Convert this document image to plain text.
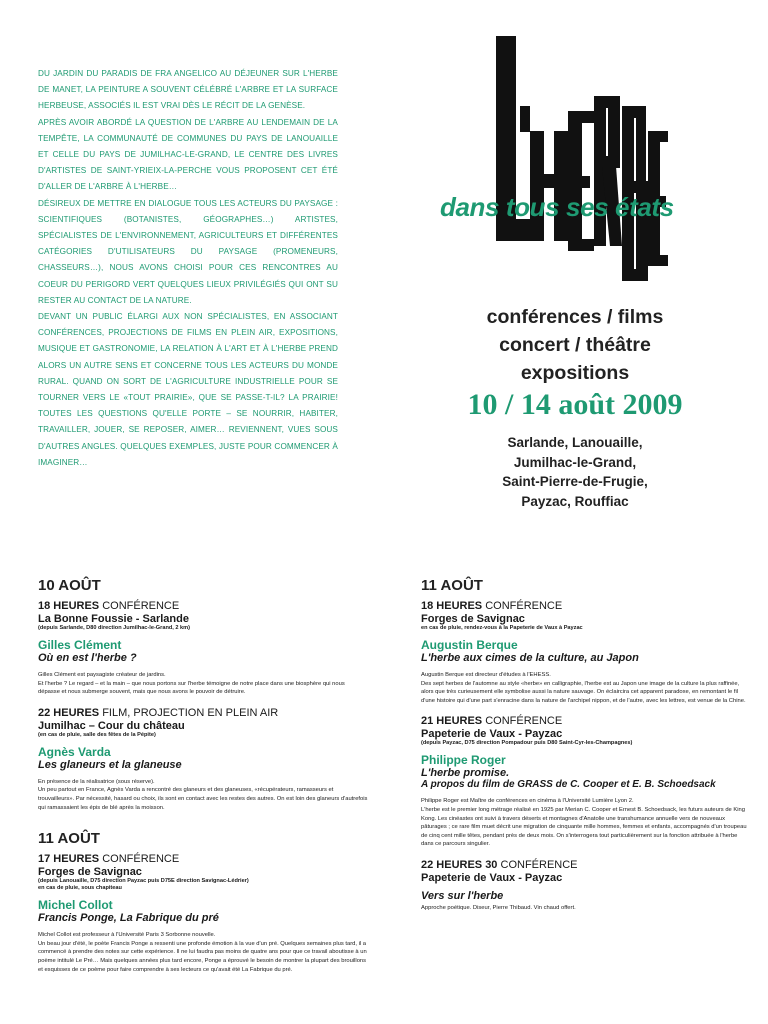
DU JARDIN DU PARADIS DE FRA ANGELICO AU DÉJEUNER SUR L'HERBE DE MANET, LA PEINTURE A SOUVENT CÉLÉBRÉ L'ARBRE ET LA SURFACE HERBEUSE, ASSOCIÉS IL EST VRAI DÈS LE RÉCIT DE LA GENÈSE.

APRÈS AVOIR ABORDÉ LA QUESTION DE L'ARBRE AU LENDEMAIN DE LA TEMPÊTE, LA COMMUNAUTÉ DE COMMUNES DU PAYS DE LANOUAILLE ET CELLE DU PAYS DE JUMILHAC-LE-GRAND, LE CENTRE DES LIVRES D'ARTISTES DE SAINT-YRIEIX-LA-PERCHE VOUS PROPOSENT CET ÉTÉ D'ALLER DE L'ARBRE À L'HERBE…

DÉSIREUX DE METTRE EN DIALOGUE TOUS LES ACTEURS DU PAYSAGE : SCIENTIFIQUES (BOTANISTES, GÉOGRAPHES…) ARTISTES, SPÉCIALISTES DE L'ENVIRONNEMENT, AGRICULTEURS ET DIFFÉRENTES CATÉGORIES D'UTILISATEURS DU PAYSAGE (PROMENEURS, CHASSEURS…), NOUS AVONS CHOISI POUR CES RENCONTRES AU COEUR DU PERIGORD VERT QUELQUES LIEUX PRIVILÉGIÉS QUI ONT SU RESTER AU CONTACT DE LA NATURE.

DEVANT UN PUBLIC ÉLARGI AUX NON SPÉCIALISTES, EN ASSOCIANT CONFÉRENCES, PROJECTIONS DE FILMS EN PLEIN AIR, EXPOSITIONS, MUSIQUE ET GASTRONOMIE, LA RELATION À L'ART ET À L'HERBE PREND ALORS UN AUTRE SENS ET CONCERNE TOUS LES ACTEURS DU MONDE RURAL. QUAND ON SORT DE L'AGRICULTURE INDUSTRIELLE POUR SE TOURNER VERS LE «TOUT PRAIRIE», QUE SE PASSE-T-IL? LA PRAIRIE! TOUTES LES QUESTIONS QU'ELLE PORTE – SE NOURRIR, HABITER, TRAVAILLER, JOUER, SE REPOSER, AIMER… REVIENNENT, VUES SOUS D'AUTRES ANGLES. QUELQUES EXEMPLES, JUSTE POUR COMMENCER À IMAGINER…

dans tous ses états
conférences / films
concert / théâtre
expositions
10 / 14 août 2009
Sarlande, Lanouaille,
Jumilhac-le-Grand,
Saint-Pierre-de-Frugie,
Payzac, Rouffiac
10 AOÛT
18 HEURES CONFÉRENCE
La Bonne Foussie - Sarlande
(depuis Sarlande, D80 direction Jumilhac-le-Grand, 2 km)
Gilles Clément
Où en est l'herbe ?

Gilles Clément est paysagiste créateur de jardins.

Et l'herbe ? Le regard – et la main – que nous portons sur l'herbe témoigne de notre place dans une biosphère qui nous dépasse et nous submerge souvent, mais que nous avons le pouvoir de détruire.

22 HEURES FILM, PROJECTION EN PLEIN AIR
Jumilhac – Cour du château
(en cas de pluie, salle des fêtes de la Pépite)
Agnès Varda
Les glaneurs et la glaneuse

En présence de la réalisatrice (sous réserve).

Un peu partout en France, Agnès Varda a rencontré des glaneurs et des glaneuses, «récupérateurs, ramasseurs et trouvailleurs». Par nécessité, hasard ou choix, ils sont en contact avec les restes des autres. On est loin des glaneurs d'autrefois qui ramassaient les épis de blé après la moisson.

11 AOÛT
17 HEURES CONFÉRENCE
Forges de Savignac
(depuis Lanouaille, D75 direction Payzac puis D75E direction Savignac-Lédrier)
en cas de pluie, sous chapiteau
Michel Collot
Francis Ponge, La Fabrique du pré

Michel Collot est professeur à l'Université Paris 3 Sorbonne nouvelle.

Un beau jour d'été, le poète Francis Ponge a ressenti une profonde émotion à la vue d'un pré. Quelques semaines plus tard, il a commencé à prendre des notes sur cette expérience. Il ne lui faudra pas moins de quatre ans pour que ce travail aboutisse à un poème intitulé Le Pré… Mais quelques années plus tard encore, Ponge a éprouvé le besoin de montrer la plupart des brouillons et esquisses de ce poème pour faire comprendre à ses lecteurs ce qu'avait été La Fabrique du pré.

11 AOÛT
18 HEURES CONFÉRENCE
Forges de Savignac
en cas de pluie, rendez-vous à la Papeterie de Vaux à Payzac
Augustin Berque
L'herbe aux cimes de la culture, au Japon

Augustin Berque est directeur d'études à l'EHESS.

Des sept herbes de l'automne au style «herbe» en calligraphie, l'herbe est au Japon une image de la culture la plus raffinée, alors que très curieusement elle symbolise aussi la nature sauvage. On éclaircira cet apparent paradoxe, en remontant le fil d'une histoire qui d'une part s'enracine dans la nature de l'archipel nippon, et de l'autre, avec les lettres, est venue de la Chine.

21 HEURES CONFÉRENCE
Papeterie de Vaux - Payzac
(depuis Payzac, D75 direction Pompadour puis D80 Saint-Cyr-les-Champagnes)
Philippe Roger
L'herbe promise.
A propos du film de GRASS de C. Cooper et E. B. Schoedsack

Philippe Roger est Maître de conférences en cinéma à l'Université Lumière Lyon 2.

L'herbe est le premier long métrage réalisé en 1925 par Merian C. Cooper et Ernest B. Schoedsack, les futurs auteurs de King Kong. Les cinéastes ont suivi à travers déserts et montagnes d'Anatolie une transhumance annuelle vers de nouveaux pâturages ; ce rare film muet décrit une migration de cinquante mille hommes, femmes et enfants, accompagnés d'un troupeau de cinq cent mille têtes, pendant près de deux mois. On s'interrogera tout particulièrement sur la fonction attribuée à l'herbe dans ce parcours singulier.

22 HEURES 30 CONFÉRENCE
Papeterie de Vaux - Payzac
Vers sur l'herbe

Approche poétique. Diseur, Pierre Thibaud. Vin chaud offert.
